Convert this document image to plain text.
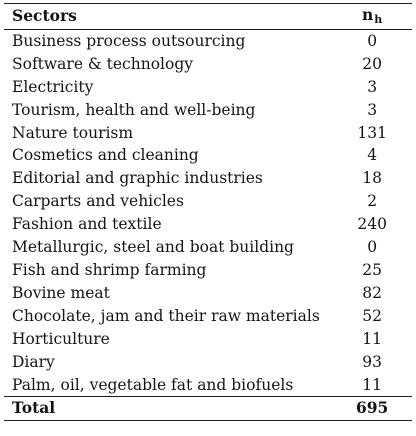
Sectors	nh
Business process outsourcing	0
Software & technology	20
Electricity	3
Tourism, health and well-being	3
Nature tourism	131
Cosmetics and cleaning	4
Editorial and graphic industries	18
Carparts and vehicles	2
Fashion and textile	240
Metallurgic, steel and boat building	0
Fish and shrimp farming	25
Bovine meat	82
Chocolate, jam and their raw materials	52
Horticulture	11
Diary	93
Palm, oil, vegetable fat and biofuels	11
Total	695
